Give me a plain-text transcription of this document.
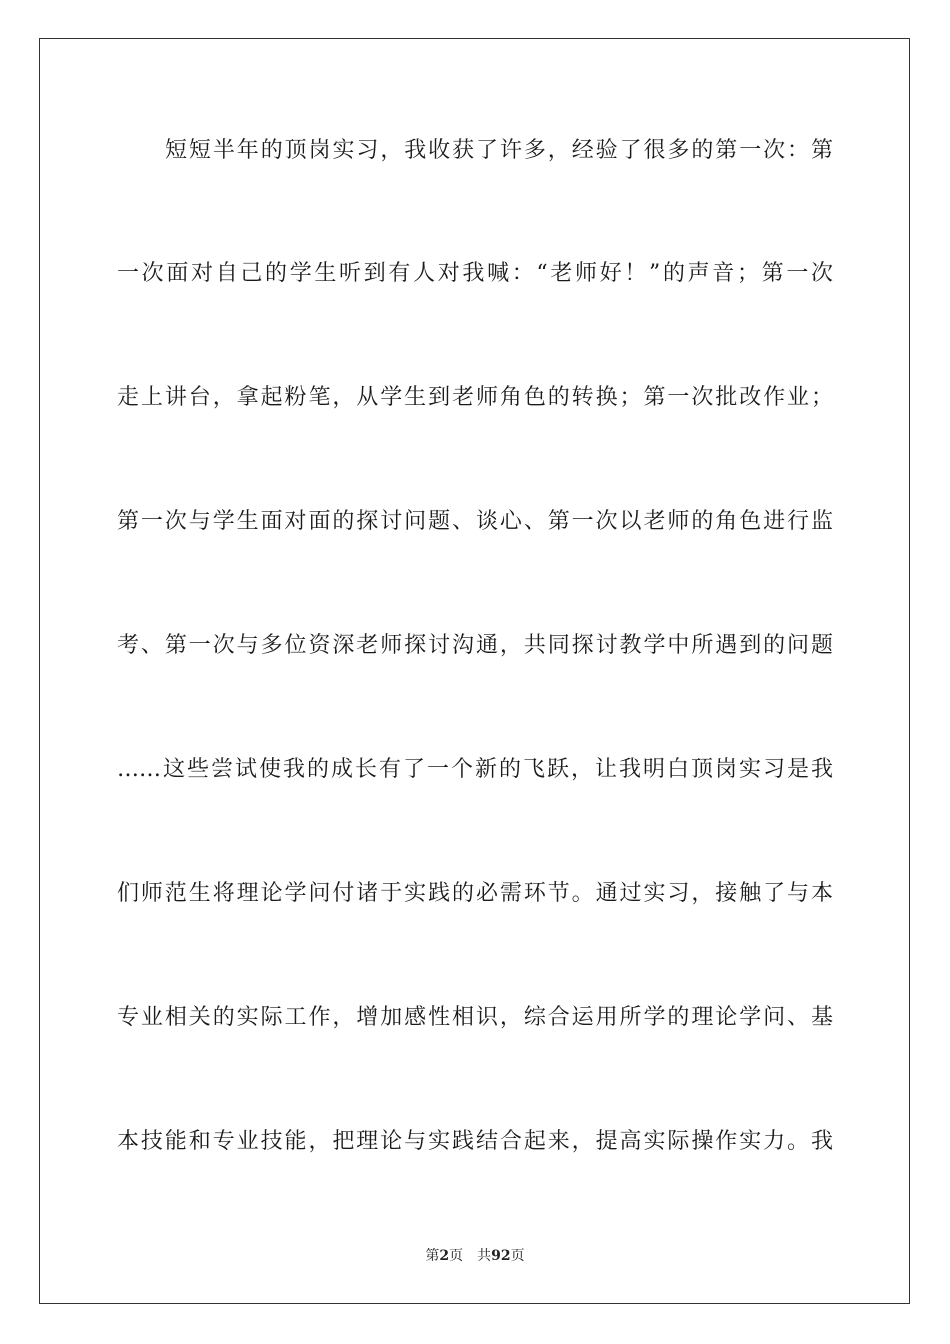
短短半年的顶岗实习，我收获了许多，经验了很多的第一次：第
一次面对自己的学生听到有人对我喊：“老师好！”的声音；第一次
走上讲台，拿起粉笔，从学生到老师角色的转换；第一次批改作业；
第一次与学生面对面的探讨问题、谈心、第一次以老师的角色进行监
考、第一次与多位资深老师探讨沟通，共同探讨教学中所遇到的问题
……这些尝试使我的成长有了一个新的飞跃，让我明白顶岗实习是我
们师范生将理论学问付诸于实践的必需环节。通过实习，接触了与本
专业相关的实际工作，增加感性相识，综合运用所学的理论学问、基
本技能和专业技能，把理论与实践结合起来，提高实际操作实力。我
第2页 共92页
